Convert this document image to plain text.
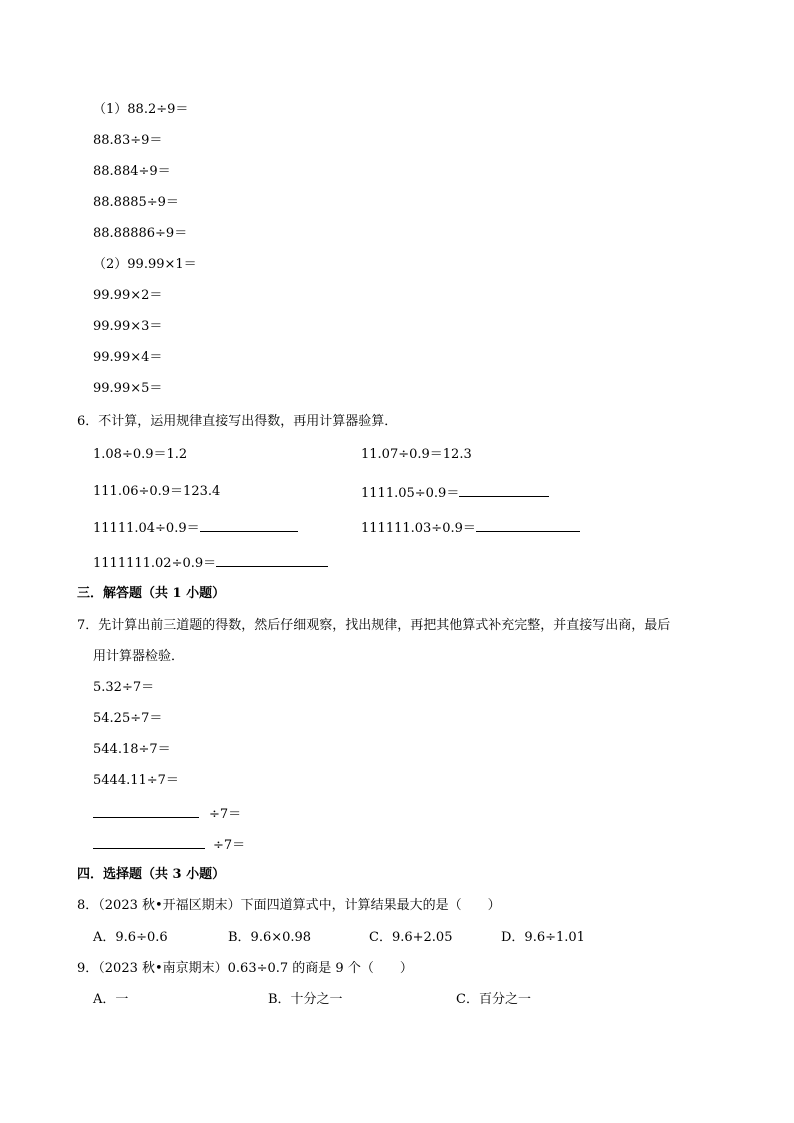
（1）88.2÷9＝
88.83÷9＝
88.884÷9＝
88.8885÷9＝
88.88886÷9＝
（2）99.99×1＝
99.99×2＝
99.99×3＝
99.99×4＝
99.99×5＝
6．不计算，运用规律直接写出得数，再用计算器验算．
1.08÷0.9＝1.2	11.07÷0.9＝12.3
111.06÷0.9＝123.4	1111.05÷0.9＝
11111.04÷0.9＝	111111.03÷0.9＝
1111111.02÷0.9＝
三．解答题（共 1 小题）
7．先计算出前三道题的得数，然后仔细观察，找出规律，再把其他算式补充完整，并直接写出商，最后
用计算器检验．
5.32÷7＝
54.25÷7＝
544.18÷7＝
5444.11÷7＝
÷7＝
÷7＝
四．选择题（共 3 小题）
8．（2023 秋•开福区期末）下面四道算式中，计算结果最大的是（　　）
A．9.6÷0.6	B．9.6×0.98	C．9.6+2.05	D．9.6÷1.01
9．（2023 秋•南京期末）0.63÷0.7 的商是 9 个（　　）
A．一	B．十分之一	C．百分之一
